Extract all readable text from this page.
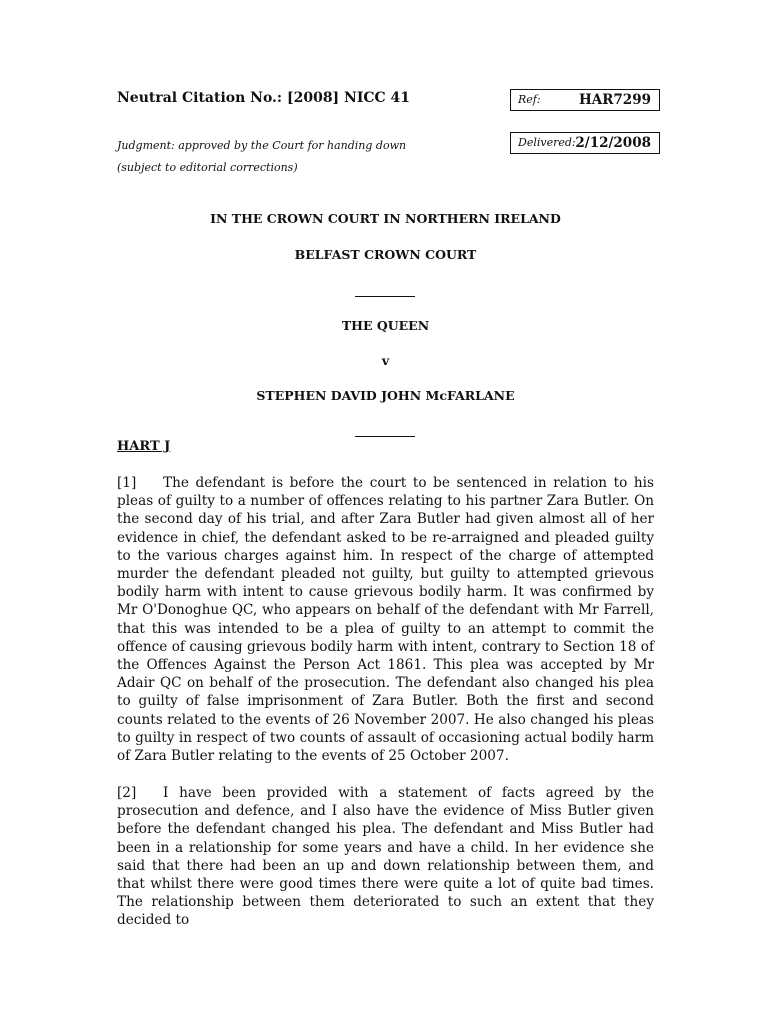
Neutral Citation No.: [2008] NICC 41	Ref:	HAR7299
Judgment: approved by the Court for handing down
(subject to editorial corrections)
Delivered: 2/12/2008
IN THE CROWN COURT IN NORTHERN IRELAND
BELFAST CROWN COURT
THE QUEEN
v
STEPHEN DAVID JOHN McFARLANE
HART J
[1] The defendant is before the court to be sentenced in relation to his pleas of guilty to a number of offences relating to his partner Zara Butler. On the second day of his trial, and after Zara Butler had given almost all of her evidence in chief, the defendant asked to be re-arraigned and pleaded guilty to the various charges against him. In respect of the charge of attempted murder the defendant pleaded not guilty, but guilty to attempted grievous bodily harm with intent to cause grievous bodily harm. It was confirmed by Mr O'Donoghue QC, who appears on behalf of the defendant with Mr Farrell, that this was intended to be a plea of guilty to an attempt to commit the offence of causing grievous bodily harm with intent, contrary to Section 18 of the Offences Against the Person Act 1861. This plea was accepted by Mr Adair QC on behalf of the prosecution. The defendant also changed his plea to guilty of false imprisonment of Zara Butler. Both the first and second counts related to the events of 26 November 2007. He also changed his pleas to guilty in respect of two counts of assault of occasioning actual bodily harm of Zara Butler relating to the events of 25 October 2007.
[2] I have been provided with a statement of facts agreed by the prosecution and defence, and I also have the evidence of Miss Butler given before the defendant changed his plea. The defendant and Miss Butler had been in a relationship for some years and have a child. In her evidence she said that there had been an up and down relationship between them, and that whilst there were good times there were quite a lot of quite bad times. The relationship between them deteriorated to such an extent that they decided to
